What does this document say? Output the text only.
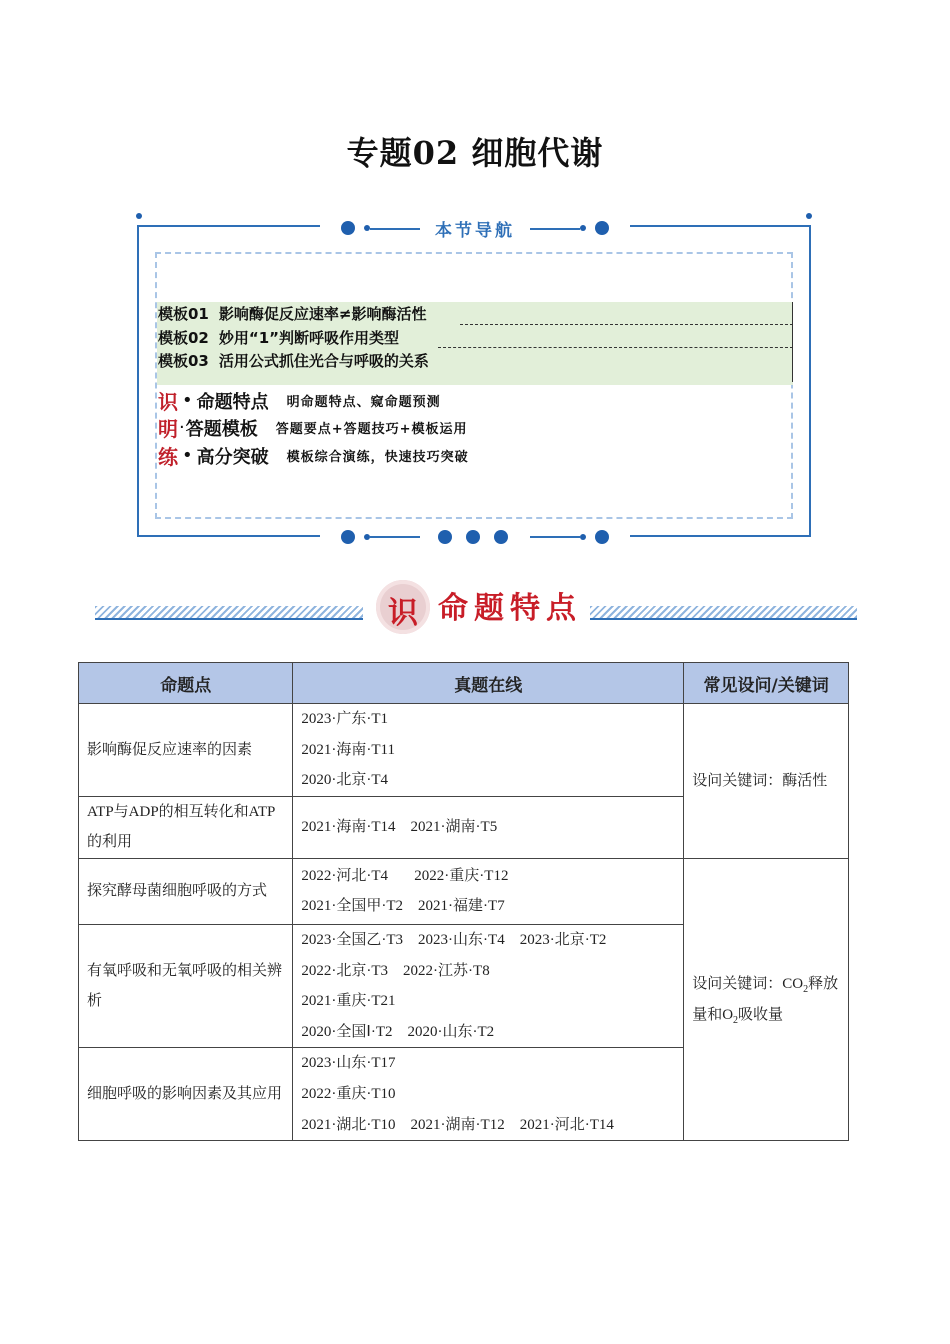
专题02 细胞代谢
本节导航
模板01 影响酶促反应速率≠影响酶活性
模板02 妙用“1”判断呼吸作用类型
模板03 活用公式抓住光合与呼吸的关系
识 • 命题特点 明命题特点、窥命题预测
明·答题模板 答题要点+答题技巧+模板运用
练 • 高分突破 模板综合演练，快速技巧突破
识 命题特点
命题点	真题在线	常见设问/关键词
影响酶促反应速率的因素	2023·广东·T1
2021·海南·T11
2020·北京·T4	设问关键词：酶活性
ATP与ADP的相互转化和ATP的利用	2021·海南·T14    2021·湖南·T5	

探究酵母菌细胞呼吸的方式	2022·河北·T4       2022·重庆·T12
2021·全国甲·T2    2021·福建·T7	设问关键词：$CO_2$释放量和$O_2$吸收量
有氧呼吸和无氧呼吸的相关辨析	2023·全国乙·T3    2023·山东·T4    2023·北京·T2
2022·北京·T3    2022·江苏·T8
2021·重庆·T21
2020·全国Ⅰ·T2    2020·山东·T2	

细胞呼吸的影响因素及其应用	2023·山东·T17
2022·重庆·T10
2021·湖北·T10    2021·湖南·T12    2021·河北·T14	
